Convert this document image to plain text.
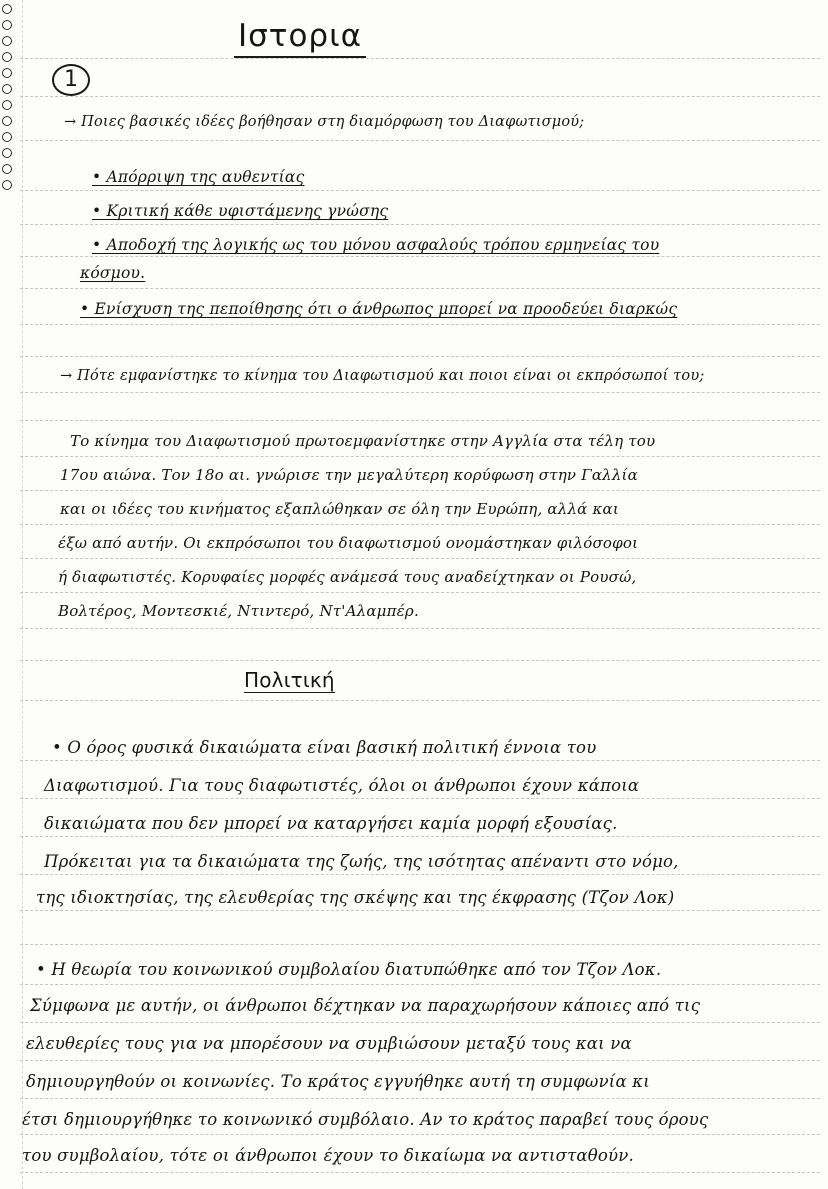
Ιστορια
1
→ Ποιες βασικές ιδέες βοήθησαν στη διαμόρφωση του Διαφωτισμού;
• Απόρριψη της αυθεντίας
• Κριτική κάθε υφιστάμενης γνώσης
• Αποδοχή της λογικής ως του μόνου ασφαλούς τρόπου ερμηνείας του
κόσμου.
• Ενίσχυση της πεποίθησης ότι ο άνθρωπος μπορεί να προοδεύει διαρκώς
→ Πότε εμφανίστηκε το κίνημα του Διαφωτισμού και ποιοι είναι οι εκπρόσωποί του;
Το κίνημα του Διαφωτισμού πρωτοεμφανίστηκε στην Αγγλία στα τέλη του
17ου αιώνα. Τον 18ο αι. γνώρισε την μεγαλύτερη κορύφωση στην Γαλλία
και οι ιδέες του κινήματος εξαπλώθηκαν σε όλη την Ευρώπη, αλλά και
έξω από αυτήν. Οι εκπρόσωποι του διαφωτισμού ονομάστηκαν φιλόσοφοι
ή διαφωτιστές. Κορυφαίες μορφές ανάμεσά τους αναδείχτηκαν οι Ρουσώ,
Βολτέρος, Μοντεσκιέ, Ντιντερό, Ντ'Αλαμπέρ.
Πολιτική
• Ο όρος φυσικά δικαιώματα είναι βασική πολιτική έννοια του
Διαφωτισμού. Για τους διαφωτιστές, όλοι οι άνθρωποι έχουν κάποια
δικαιώματα που δεν μπορεί να καταργήσει καμία μορφή εξουσίας.
Πρόκειται για τα δικαιώματα της ζωής, της ισότητας απέναντι στο νόμο,
της ιδιοκτησίας, της ελευθερίας της σκέψης και της έκφρασης (Τζον Λοκ)
• Η θεωρία του κοινωνικού συμβολαίου διατυπώθηκε από τον Τζον Λοκ.
Σύμφωνα με αυτήν, οι άνθρωποι δέχτηκαν να παραχωρήσουν κάποιες από τις
ελευθερίες τους για να μπορέσουν να συμβιώσουν μεταξύ τους και να
δημιουργηθούν οι κοινωνίες. Το κράτος εγγυήθηκε αυτή τη συμφωνία κι
έτσι δημιουργήθηκε το κοινωνικό συμβόλαιο. Αν το κράτος παραβεί τους όρους
του συμβολαίου, τότε οι άνθρωποι έχουν το δικαίωμα να αντισταθούν.
